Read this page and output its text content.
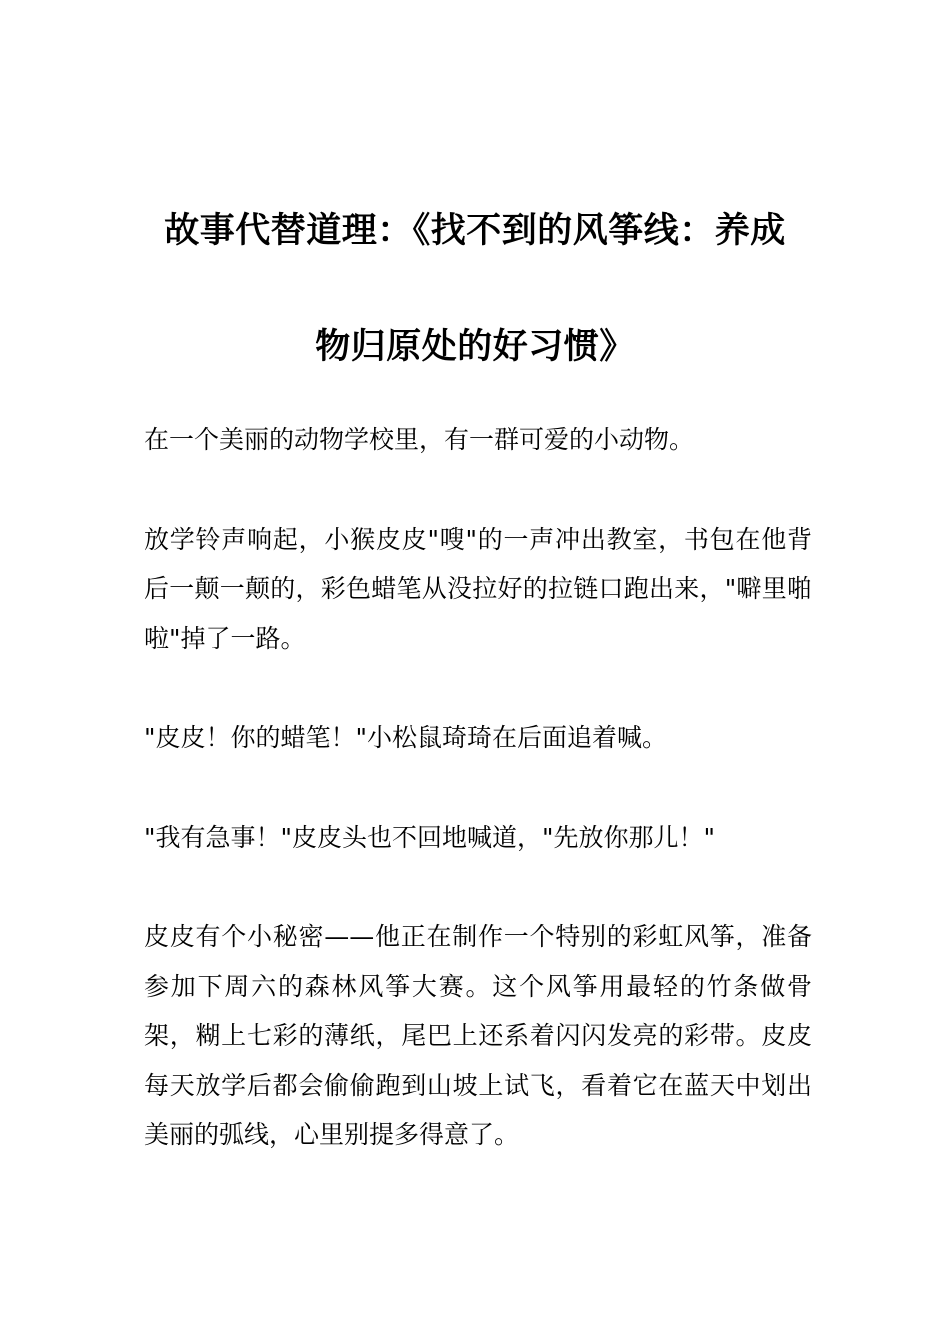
故事代替道理：《找不到的风筝线：养成
物归原处的好习惯》

在一个美丽的动物学校里，有一群可爱的小动物。

放学铃声响起，小猴皮皮"嗖"的一声冲出教室，书包在他背后一颠一颠的，彩色蜡笔从没拉好的拉链口跑出来，"噼里啪啦"掉了一路。

"皮皮！你的蜡笔！"小松鼠琦琦在后面追着喊。

"我有急事！"皮皮头也不回地喊道，"先放你那儿！"

皮皮有个小秘密——他正在制作一个特别的彩虹风筝，准备参加下周六的森林风筝大赛。这个风筝用最轻的竹条做骨架，糊上七彩的薄纸，尾巴上还系着闪闪发亮的彩带。皮皮每天放学后都会偷偷跑到山坡上试飞，看着它在蓝天中划出美丽的弧线，心里别提多得意了。
